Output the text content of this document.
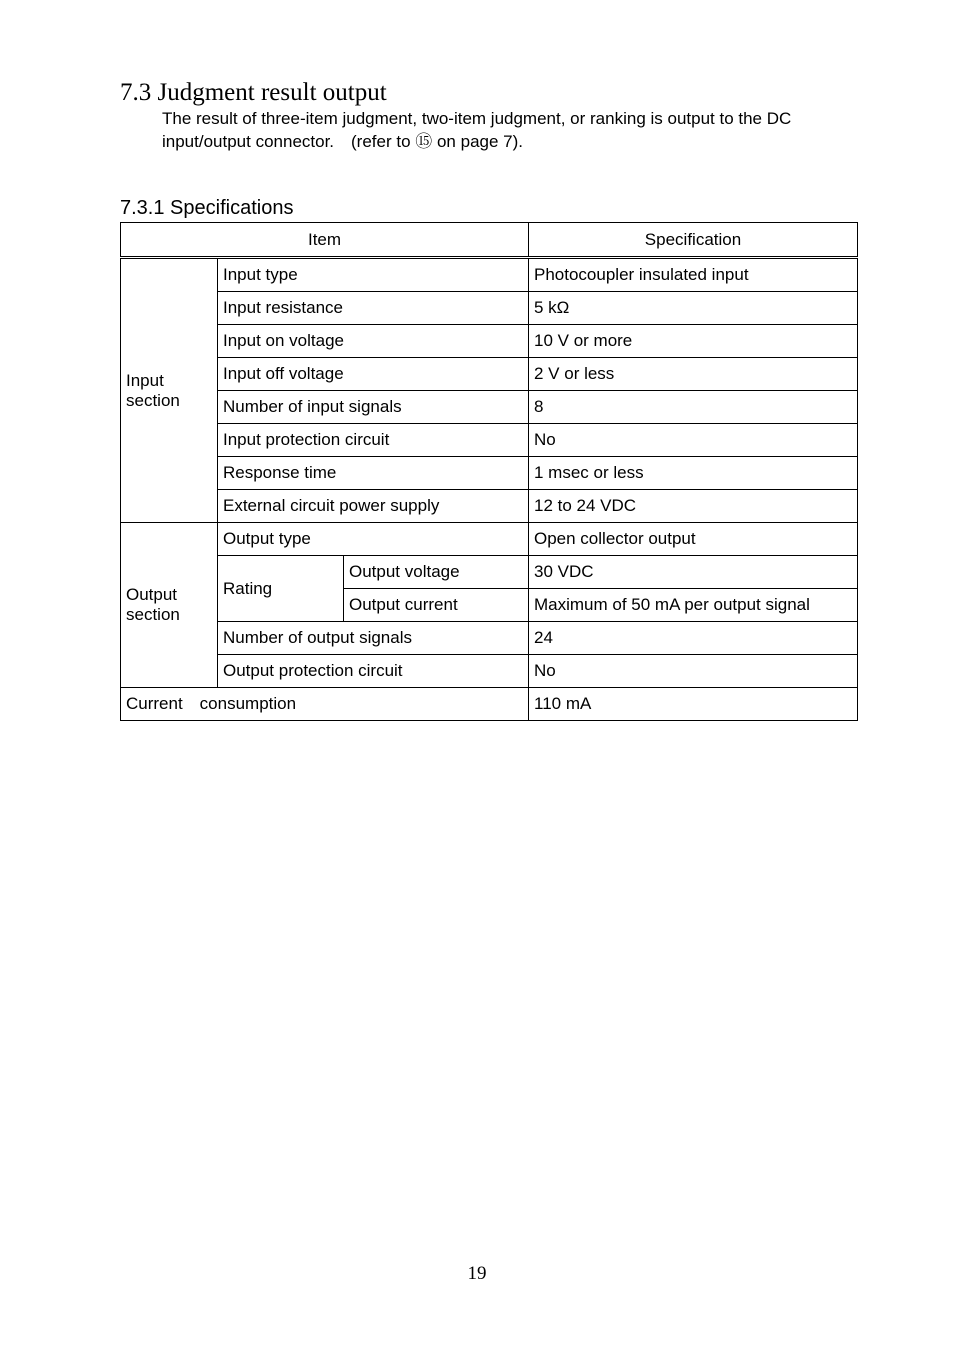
7.3 Judgment result output

The result of three-item judgment, two-item judgment, or ranking is output to the DC

input/output connector.　(refer to ⑮ on page 7).

7.3.1 Specifications
Item			Specification
Input section	Input type		Photocoupler insulated input
	Input resistance		5 kΩ
	Input on voltage		10 V or more
	Input off voltage		2 V or less
	Number of input signals		8
	Input protection circuit		No
	Response time		1 msec or less
	External circuit power supply		12 to 24 VDC
Output section	Output type		Open collector output
	Rating	Output voltage	30 VDC
		Output current	Maximum of 50 mA per output signal
	Number of output signals		24
	Output protection circuit		No
Current　consumption			110 mA
19
